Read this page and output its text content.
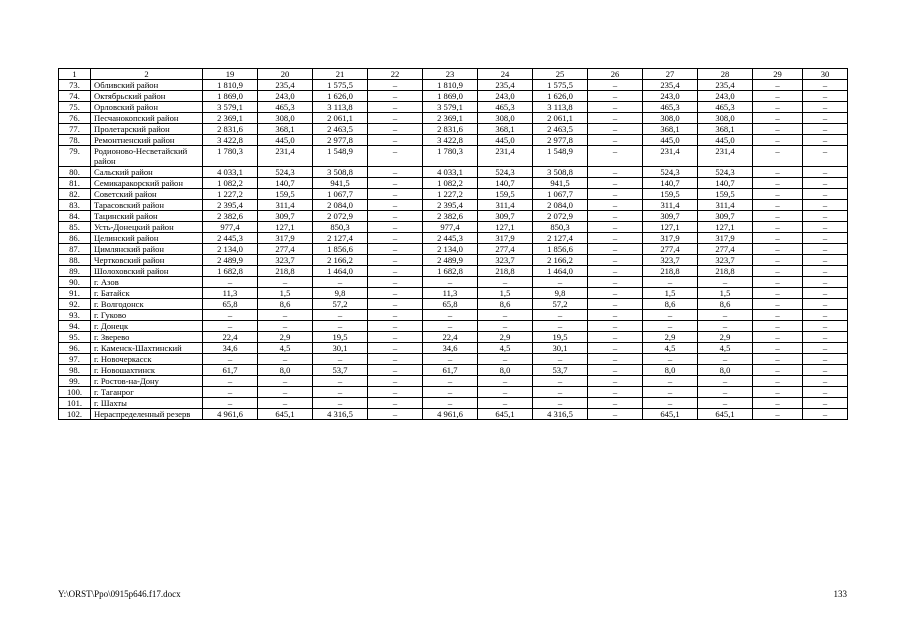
1	2	19	20	21	22	23	24	25	26	27	28	29	30
73.	Обливский район	1 810,9	235,4	1 575,5	–	1 810,9	235,4	1 575,5	–	235,4	235,4	–	–
74.	Октябрьский район	1 869,0	243,0	1 626,0	–	1 869,0	243,0	1 626,0	–	243,0	243,0	–	–
75.	Орловский район	3 579,1	465,3	3 113,8	–	3 579,1	465,3	3 113,8	–	465,3	465,3	–	–
76.	Песчанокопский район	2 369,1	308,0	2 061,1	–	2 369,1	308,0	2 061,1	–	308,0	308,0	–	–
77.	Пролетарский район	2 831,6	368,1	2 463,5	–	2 831,6	368,1	2 463,5	–	368,1	368,1	–	–
78.	Ремонтненский район	3 422,8	445,0	2 977,8	–	3 422,8	445,0	2 977,8	–	445,0	445,0	–	–
79.	Родионово-Несветайский район	1 780,3	231,4	1 548,9	–	1 780,3	231,4	1 548,9	–	231,4	231,4	–	–
80.	Сальский район	4 033,1	524,3	3 508,8	–	4 033,1	524,3	3 508,8	–	524,3	524,3	–	–
81.	Семикаракорский район	1 082,2	140,7	941,5	–	1 082,2	140,7	941,5	–	140,7	140,7	–	–
82.	Советский район	1 227,2	159,5	1 067,7	–	1 227,2	159,5	1 067,7	–	159,5	159,5	–	–
83.	Тарасовский район	2 395,4	311,4	2 084,0	–	2 395,4	311,4	2 084,0	–	311,4	311,4	–	–
84.	Тацинский район	2 382,6	309,7	2 072,9	–	2 382,6	309,7	2 072,9	–	309,7	309,7	–	–
85.	Усть-Донецкий район	977,4	127,1	850,3	–	977,4	127,1	850,3	–	127,1	127,1	–	–
86.	Целинский район	2 445,3	317,9	2 127,4	–	2 445,3	317,9	2 127,4	–	317,9	317,9	–	–
87.	Цимлянский район	2 134,0	277,4	1 856,6	–	2 134,0	277,4	1 856,6	–	277,4	277,4	–	–
88.	Чертковский район	2 489,9	323,7	2 166,2	–	2 489,9	323,7	2 166,2	–	323,7	323,7	–	–
89.	Шолоховский район	1 682,8	218,8	1 464,0	–	1 682,8	218,8	1 464,0	–	218,8	218,8	–	–
90.	г. Азов	–	–	–	–	–	–	–	–	–	–	–	–
91.	г. Батайск	11,3	1,5	9,8	–	11,3	1,5	9,8	–	1,5	1,5	–	–
92.	г. Волгодонск	65,8	8,6	57,2	–	65,8	8,6	57,2	–	8,6	8,6	–	–
93.	г. Гуково	–	–	–	–	–	–	–	–	–	–	–	–
94.	г. Донецк	–	–	–	–	–	–	–	–	–	–	–	–
95.	г. Зверево	22,4	2,9	19,5	–	22,4	2,9	19,5	–	2,9	2,9	–	–
96.	г. Каменск-Шахтинский	34,6	4,5	30,1	–	34,6	4,5	30,1	–	4,5	4,5	–	–
97.	г. Новочеркасск	–	–	–	–	–	–	–	–	–	–	–	–
98.	г. Новошахтинск	61,7	8,0	53,7	–	61,7	8,0	53,7	–	8,0	8,0	–	–
99.	г. Ростов-на-Дону	–	–	–	–	–	–	–	–	–	–	–	–
100.	г. Таганрог	–	–	–	–	–	–	–	–	–	–	–	–
101.	г. Шахты	–	–	–	–	–	–	–	–	–	–	–	–
102.	Нераспределенный резерв	4 961,6	645,1	4 316,5	–	4 961,6	645,1	4 316,5	–	645,1	645,1	–	–
Y:\ORST\Ppo\0915p646.f17.docx	133
